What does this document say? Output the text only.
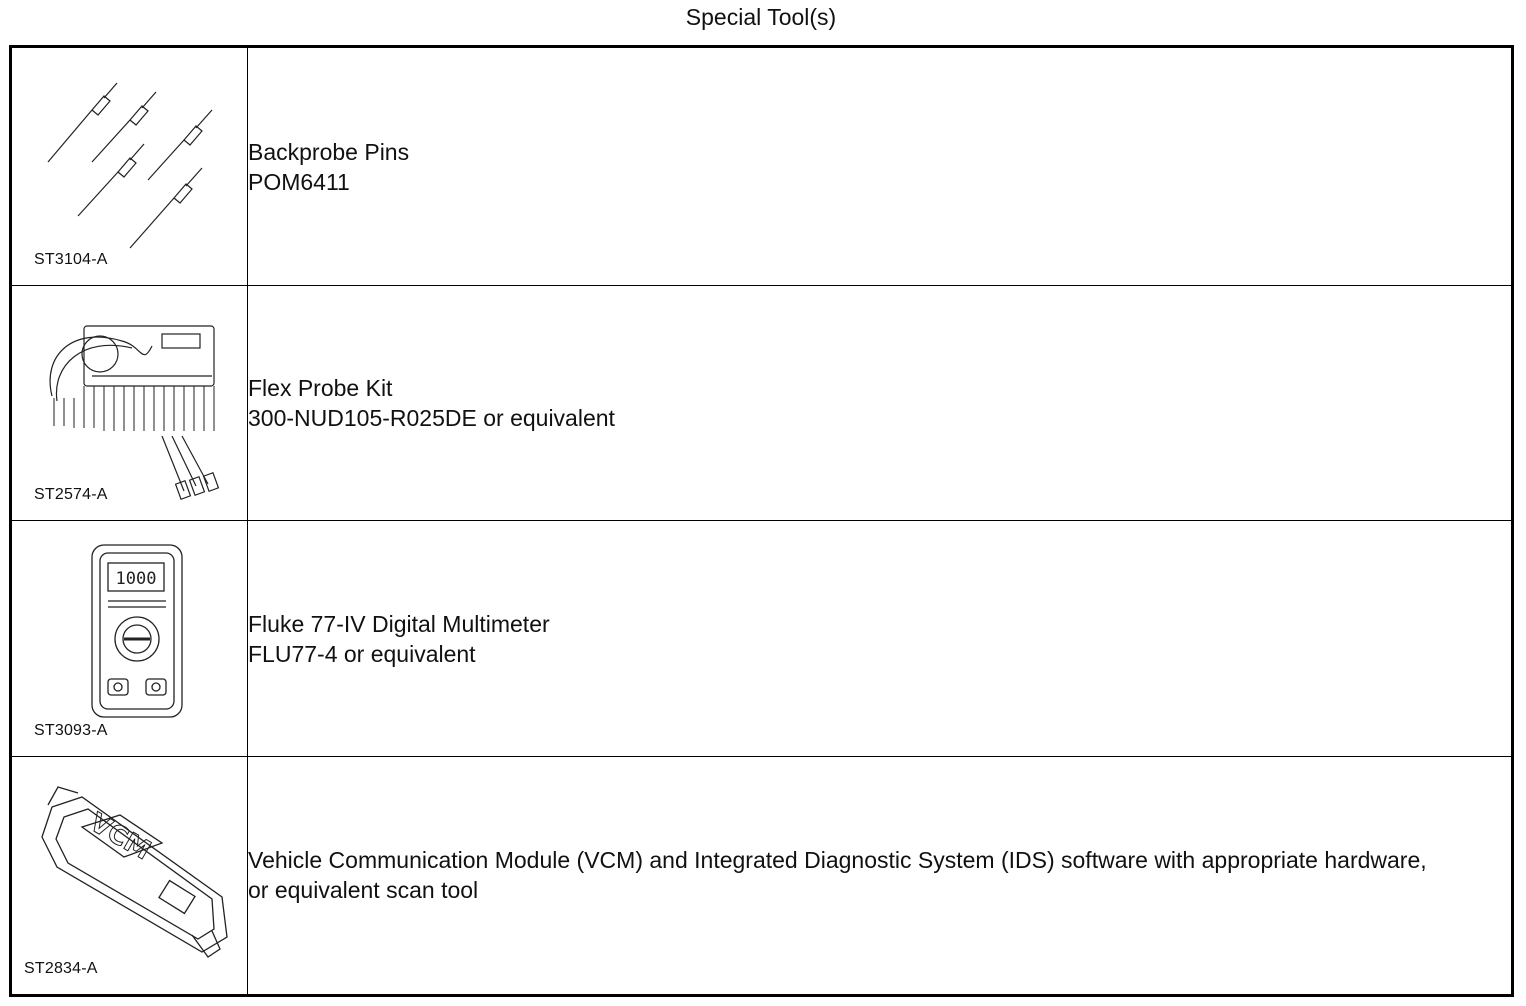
Special Tool(s)
ST3104-A	Backprobe Pins
POM6411

ST2574-A	Flex Probe Kit
300-NUD105-R025DE or equivalent

1000
ST3093-A	Fluke 77-IV Digital Multimeter
FLU77-4 or equivalent

VCM
ST2834-A	Vehicle Communication Module (VCM) and Integrated Diagnostic System (IDS) software with appropriate hardware, or equivalent scan tool
